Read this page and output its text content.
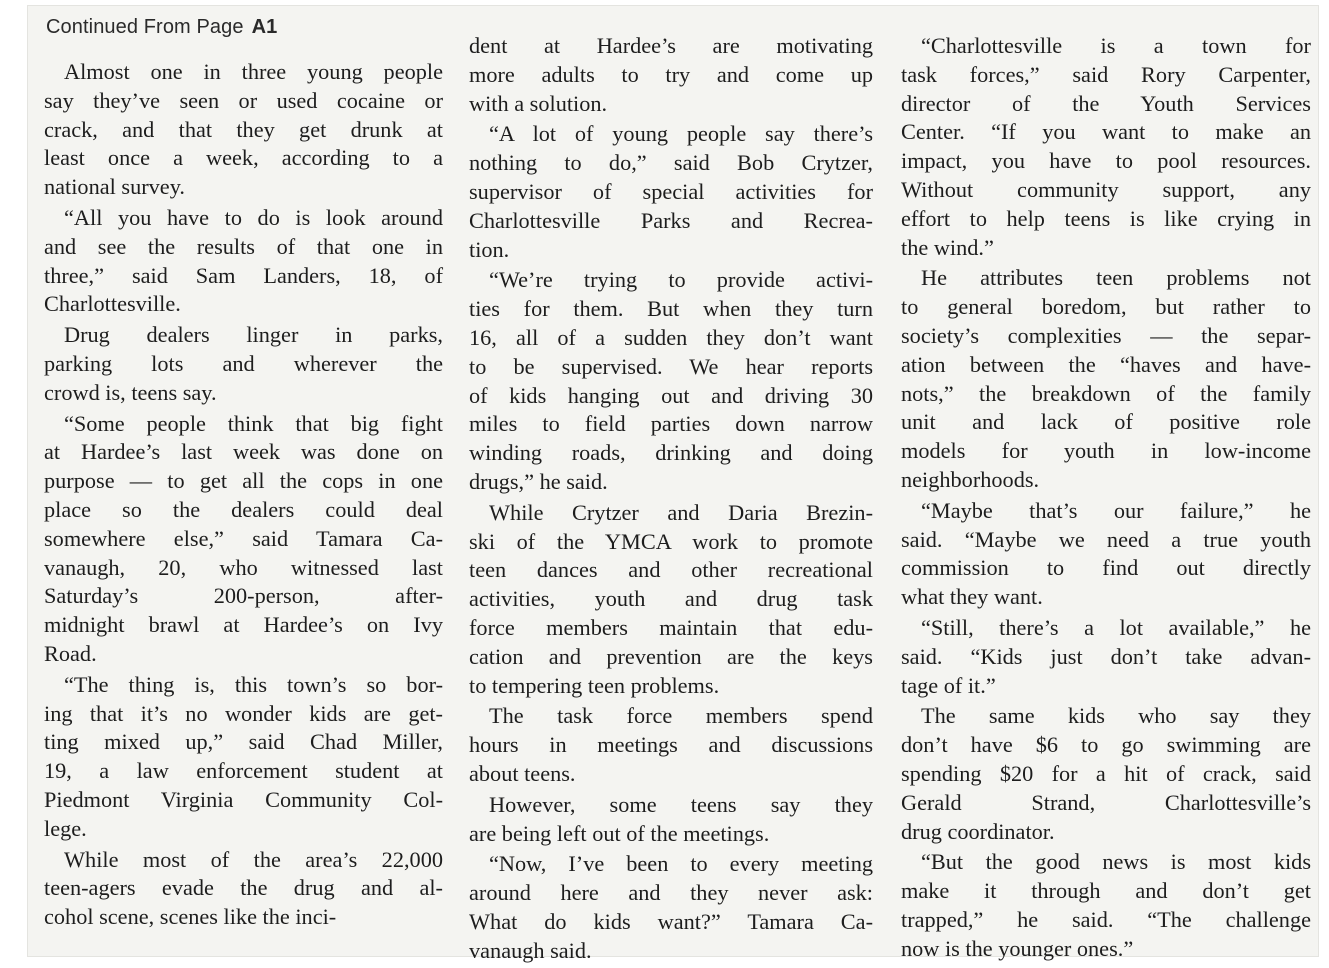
Continued From Page A1
Almost one in three young people
say they’ve seen or used cocaine or
crack, and that they get drunk at
least once a week, according to a
national survey.
“All you have to do is look around
and see the results of that one in
three,” said Sam Landers, 18, of
Charlottesville.
Drug dealers linger in parks,
parking lots and wherever the
crowd is, teens say.
“Some people think that big fight
at Hardee’s last week was done on
purpose — to get all the cops in one
place so the dealers could deal
somewhere else,” said Tamara Ca-
vanaugh, 20, who witnessed last
Saturday’s 200-person, after-
midnight brawl at Hardee’s on Ivy
Road.
“The thing is, this town’s so bor-
ing that it’s no wonder kids are get-
ting mixed up,” said Chad Miller,
19, a law enforcement student at
Piedmont Virginia Community Col-
lege.
While most of the area’s 22,000
teen-agers evade the drug and al-
cohol scene, scenes like the inci-
dent at Hardee’s are motivating
more adults to try and come up
with a solution.
“A lot of young people say there’s
nothing to do,” said Bob Crytzer,
supervisor of special activities for
Charlottesville Parks and Recrea-
tion.
“We’re trying to provide activi-
ties for them. But when they turn
16, all of a sudden they don’t want
to be supervised. We hear reports
of kids hanging out and driving 30
miles to field parties down narrow
winding roads, drinking and doing
drugs,” he said.
While Crytzer and Daria Brezin-
ski of the YMCA work to promote
teen dances and other recreational
activities, youth and drug task
force members maintain that edu-
cation and prevention are the keys
to tempering teen problems.
The task force members spend
hours in meetings and discussions
about teens.
However, some teens say they
are being left out of the meetings.
“Now, I’ve been to every meeting
around here and they never ask:
What do kids want?” Tamara Ca-
vanaugh said.
“Charlottesville is a town for
task forces,” said Rory Carpenter,
director of the Youth Services
Center. “If you want to make an
impact, you have to pool resources.
Without community support, any
effort to help teens is like crying in
the wind.”
He attributes teen problems not
to general boredom, but rather to
society’s complexities — the separ-
ation between the “haves and have-
nots,” the breakdown of the family
unit and lack of positive role
models for youth in low-income
neighborhoods.
“Maybe that’s our failure,” he
said. “Maybe we need a true youth
commission to find out directly
what they want.
“Still, there’s a lot available,” he
said. “Kids just don’t take advan-
tage of it.”
The same kids who say they
don’t have $6 to go swimming are
spending $20 for a hit of crack, said
Gerald Strand, Charlottesville’s
drug coordinator.
“But the good news is most kids
make it through and don’t get
trapped,” he said. “The challenge
now is the younger ones.”
